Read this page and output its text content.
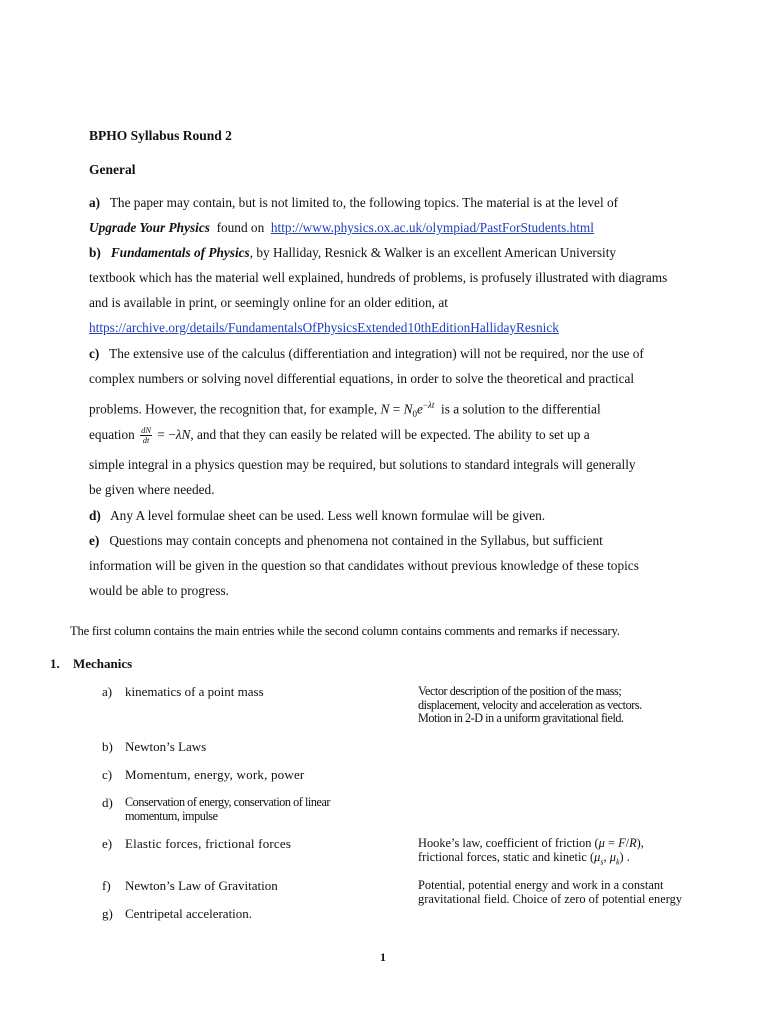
BPHO Syllabus Round 2
General
a) The paper may contain, but is not limited to, the following topics. The material is at the level of
Upgrade Your Physics found on http://www.physics.ox.ac.uk/olympiad/PastForStudents.html
b) Fundamentals of Physics, by Halliday, Resnick & Walker is an excellent American University
textbook which has the material well explained, hundreds of problems, is profusely illustrated with diagrams
and is available in print, or seemingly online for an older edition, at
https://archive.org/details/FundamentalsOfPhysicsExtended10thEditionHallidayResnick
c) The extensive use of the calculus (differentiation and integration) will not be required, nor the use of
complex numbers or solving novel differential equations, in order to solve the theoretical and practical
problems. However, the recognition that, for example, $N = N_0e^{-\lambda t}$ is a solution to the differential
equation $\frac{dN}{dt} = -\lambda N$, and that they can easily be related will be expected. The ability to set up a
simple integral in a physics question may be required, but solutions to standard integrals will generally
be given where needed.
d) Any A level formulae sheet can be used. Less well known formulae will be given.
e) Questions may contain concepts and phenomena not contained in the Syllabus, but sufficient
information will be given in the question so that candidates without previous knowledge of these topics
would be able to progress.
The first column contains the main entries while the second column contains comments and remarks if necessary.
1. Mechanics
a) kinematics of a point mass	Vector description of the position of the mass;
displacement, velocity and acceleration as vectors.
Motion in 2-D in a uniform gravitational field.
b) Newton’s Laws
c) Momentum, energy, work, power
d) Conservation of energy, conservation of linear
momentum, impulse
e) Elastic forces, frictional forces	Hooke’s law, coefficient of friction (μ = F/R),
frictional forces, static and kinetic ($\mu_s$, $\mu_k$) .
f) Newton’s Law of Gravitation	Potential, potential energy and work in a constant
gravitational field. Choice of zero of potential energy
g) Centripetal acceleration.
1
